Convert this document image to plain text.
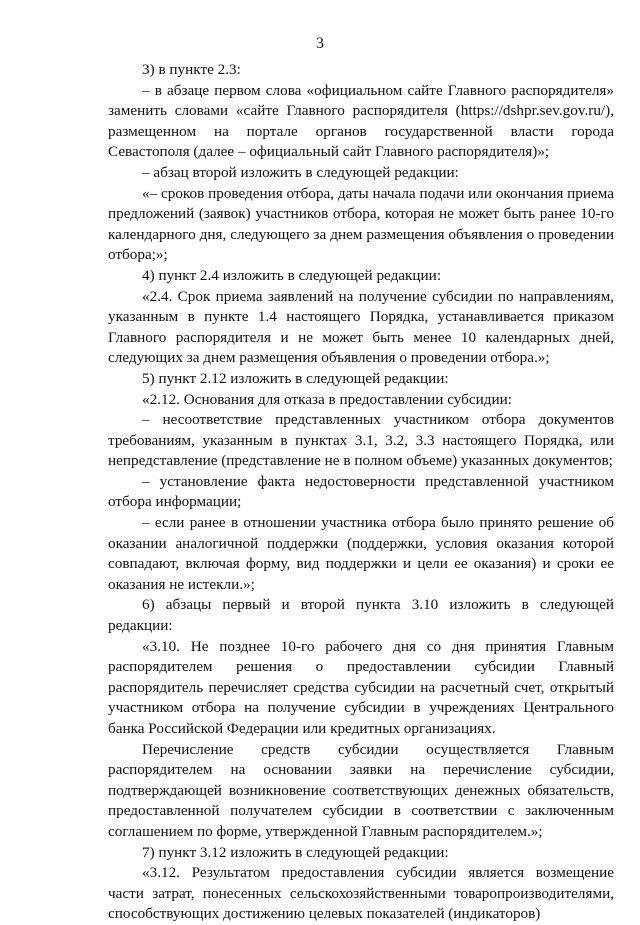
3

3) в пункте 2.3:

– в абзаце первом слова «официальном сайте Главного распорядителя» заменить словами «сайте Главного распорядителя (https://dshpr.sev.gov.ru/), размещенном на портале органов государственной власти города Севастополя (далее – официальный сайт Главного распорядителя)»;

– абзац второй изложить в следующей редакции:

«– сроков проведения отбора, даты начала подачи или окончания приема предложений (заявок) участников отбора, которая не может быть ранее 10-го календарного дня, следующего за днем размещения объявления о проведении отбора;»;

4) пункт 2.4 изложить в следующей редакции:

«2.4. Срок приема заявлений на получение субсидии по направлениям, указанным в пункте 1.4 настоящего Порядка, устанавливается приказом Главного распорядителя и не может быть менее 10 календарных дней, следующих за днем размещения объявления о проведении отбора.»;

5) пункт 2.12 изложить в следующей редакции:

«2.12. Основания для отказа в предоставлении субсидии:

– несоответствие представленных участником отбора документов требованиям, указанным в пунктах 3.1, 3.2, 3.3 настоящего Порядка, или непредставление (представление не в полном объеме) указанных документов;

– установление факта недостоверности представленной участником отбора информации;

– если ранее в отношении участника отбора было принято решение об оказании аналогичной поддержки (поддержки, условия оказания которой совпадают, включая форму, вид поддержки и цели ее оказания) и сроки ее оказания не истекли.»;

6) абзацы первый и второй пункта 3.10 изложить в следующей редакции:

«3.10. Не позднее 10-го рабочего дня со дня принятия Главным распорядителем решения о предоставлении субсидии Главный распорядитель перечисляет средства субсидии на расчетный счет, открытый участником отбора на получение субсидии в учреждениях Центрального банка Российской Федерации или кредитных организациях.

Перечисление средств субсидии осуществляется Главным распорядителем на основании заявки на перечисление субсидии, подтверждающей возникновение соответствующих денежных обязательств, предоставленной получателем субсидии в соответствии с заключенным соглашением по форме, утвержденной Главным распорядителем.»;

7) пункт 3.12 изложить в следующей редакции:

«3.12. Результатом предоставления субсидии является возмещение части затрат, понесенных сельскохозяйственными товаропроизводителями, способствующих достижению целевых показателей (индикаторов)
